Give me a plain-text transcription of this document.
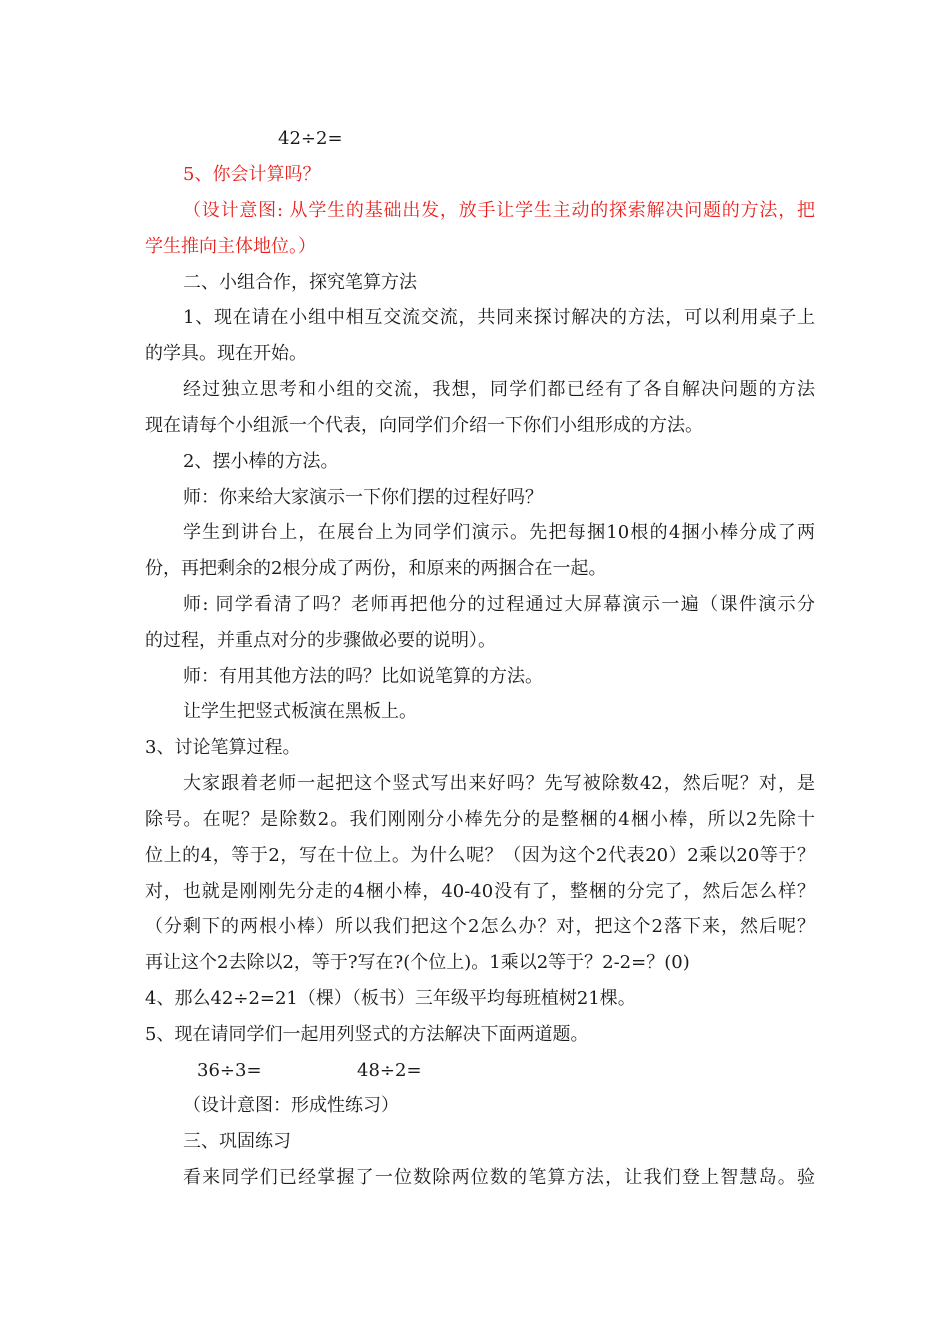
42÷2=
5、你会计算吗？
（设计意图: 从学生的基础出发，放手让学生主动的探索解决问题的方法，把
学生推向主体地位。）
二、小组合作，探究笔算方法
1、现在请在小组中相互交流交流，共同来探讨解决的方法，可以利用桌子上
的学具。现在开始。
经过独立思考和小组的交流，我想，同学们都已经有了各自解决问题的方法
现在请每个小组派一个代表，向同学们介绍一下你们小组形成的方法。
2、摆小棒的方法。
师：你来给大家演示一下你们摆的过程好吗？
学生到讲台上，在展台上为同学们演示。先把每捆10根的4捆小棒分成了两
份，再把剩余的2根分成了两份，和原来的两捆合在一起。
师: 同学看清了吗？老师再把他分的过程通过大屏幕演示一遍（课件演示分
的过程，并重点对分的步骤做必要的说明）。
师：有用其他方法的吗？比如说笔算的方法。
让学生把竖式板演在黑板上。
3、讨论笔算过程。
大家跟着老师一起把这个竖式写出来好吗？先写被除数42，然后呢？对，是
除号。在呢？是除数2。我们刚刚分小棒先分的是整梱的4梱小棒，所以2先除十
位上的4，等于2，写在十位上。为什么呢？（因为这个2代表20）2乘以20等于？
对，也就是刚刚先分走的4梱小棒，40-40没有了，整梱的分完了，然后怎么样？
（分剩下的两根小棒）所以我们把这个2怎么办？对，把这个2落下来，然后呢？
再让这个2去除以2，等于?写在?(个位上)。1乘以2等于？2-2=？(0)
4、那么42÷2=21（棵）（板书）三年级平均每班植树21棵。
5、现在请同学们一起用列竖式的方法解决下面两道题。
36÷3=	48÷2=
（设计意图：形成性练习）
三、巩固练习
看来同学们已经掌握了一位数除两位数的笔算方法，让我们登上智慧岛。验
